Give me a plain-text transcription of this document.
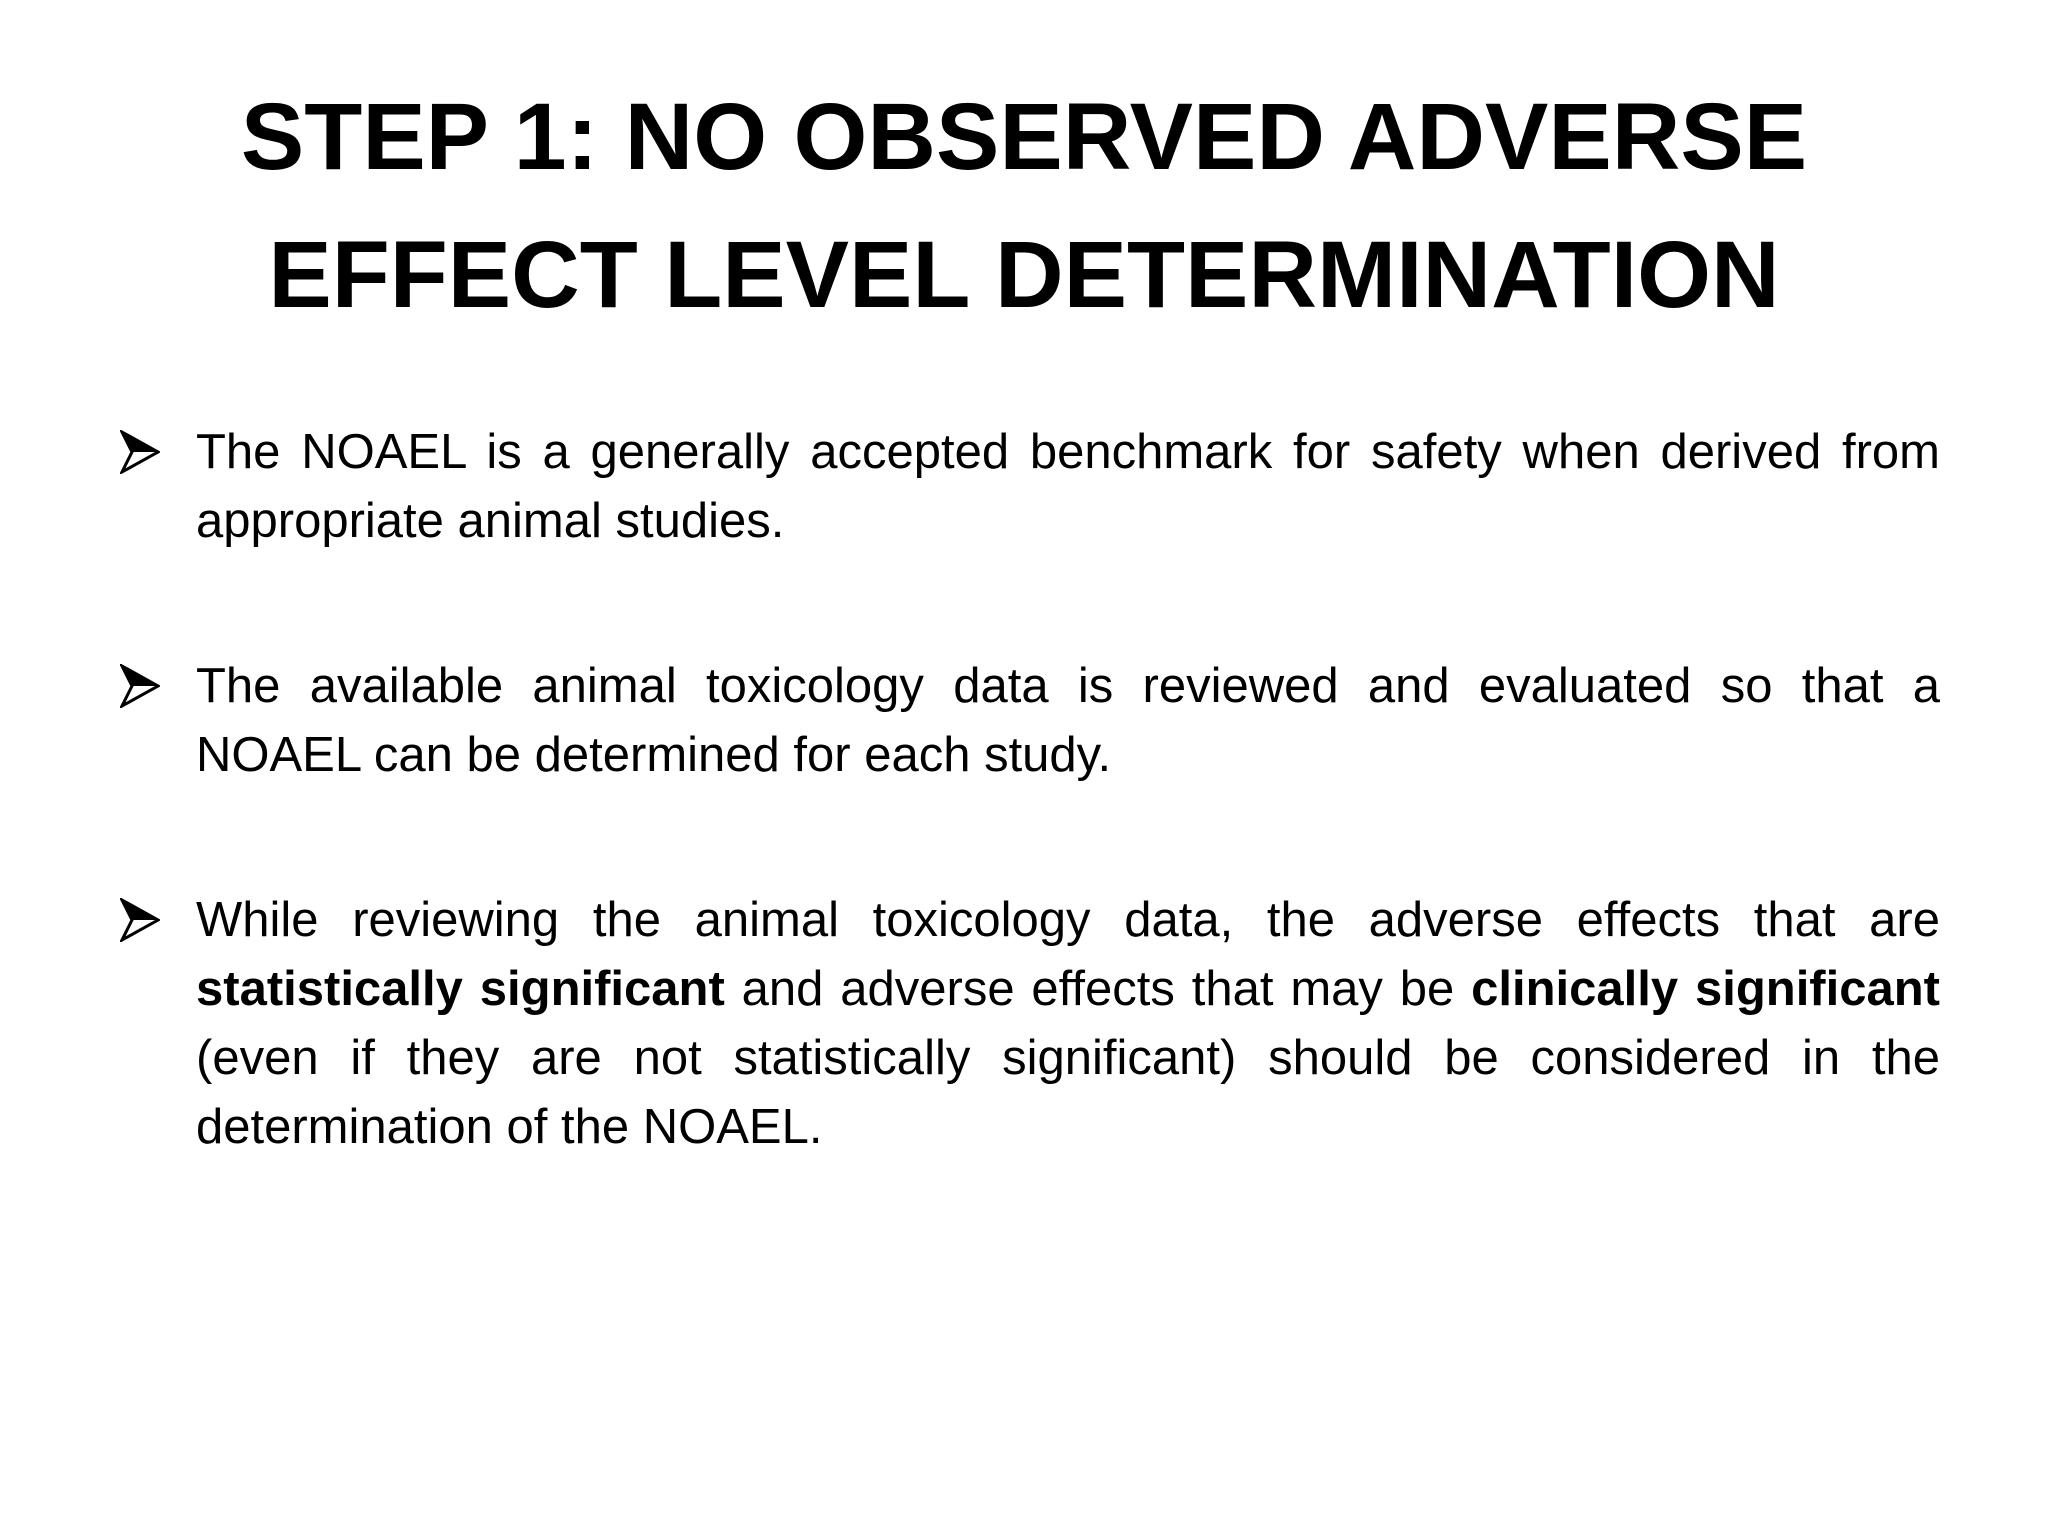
STEP 1: NO OBSERVED ADVERSE
EFFECT LEVEL DETERMINATION
The NOAEL is a generally accepted benchmark for safety when derived from appropriate animal studies.
The available animal toxicology data is reviewed and evaluated so that a NOAEL can be determined for each study.
While reviewing the animal toxicology data, the adverse effects that are statistically significant and adverse effects that may be clinically significant (even if they are not statistically significant) should be considered in the determination of the NOAEL.
